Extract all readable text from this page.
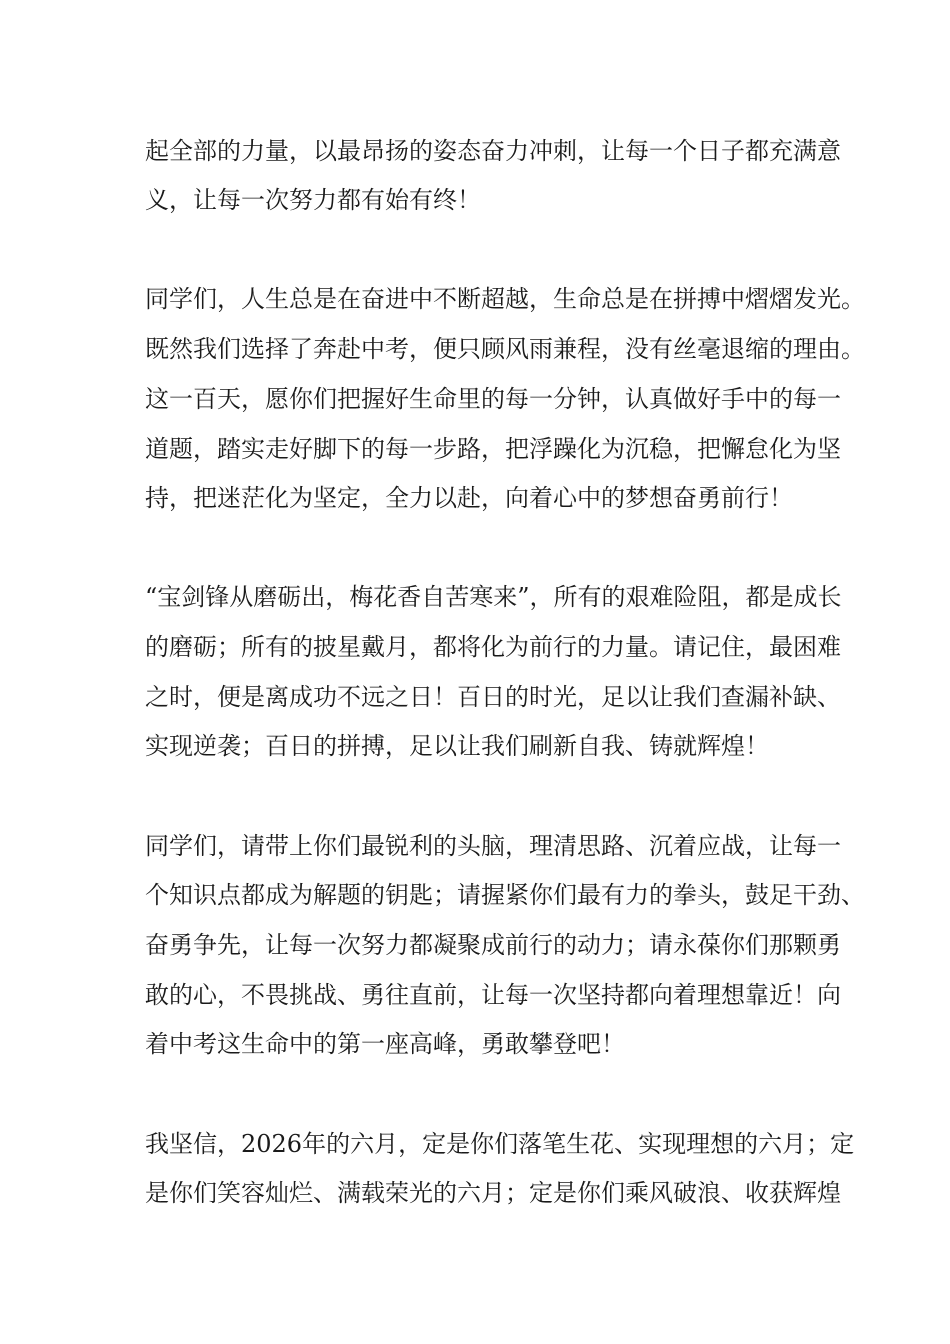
起全部的力量，以最昂扬的姿态奋力冲刺，让每一个日子都充满意

义，让每一次努力都有始有终！

同学们，人生总是在奋进中不断超越，生命总是在拼搏中熠熠发光。

既然我们选择了奔赴中考，便只顾风雨兼程，没有丝毫退缩的理由。

这一百天，愿你们把握好生命里的每一分钟，认真做好手中的每一

道题，踏实走好脚下的每一步路，把浮躁化为沉稳，把懈怠化为坚

持，把迷茫化为坚定，全力以赴，向着心中的梦想奋勇前行！

“宝剑锋从磨砺出，梅花香自苦寒来”，所有的艰难险阻，都是成长

的磨砺；所有的披星戴月，都将化为前行的力量。请记住，最困难

之时，便是离成功不远之日！百日的时光，足以让我们查漏补缺、

实现逆袭；百日的拼搏，足以让我们刷新自我、铸就辉煌！

同学们，请带上你们最锐利的头脑，理清思路、沉着应战，让每一

个知识点都成为解题的钥匙；请握紧你们最有力的拳头，鼓足干劲、

奋勇争先，让每一次努力都凝聚成前行的动力；请永葆你们那颗勇

敢的心，不畏挑战、勇往直前，让每一次坚持都向着理想靠近！向

着中考这生命中的第一座高峰，勇敢攀登吧！

我坚信，2026年的六月，定是你们落笔生花、实现理想的六月；定

是你们笑容灿烂、满载荣光的六月；定是你们乘风破浪、收获辉煌
